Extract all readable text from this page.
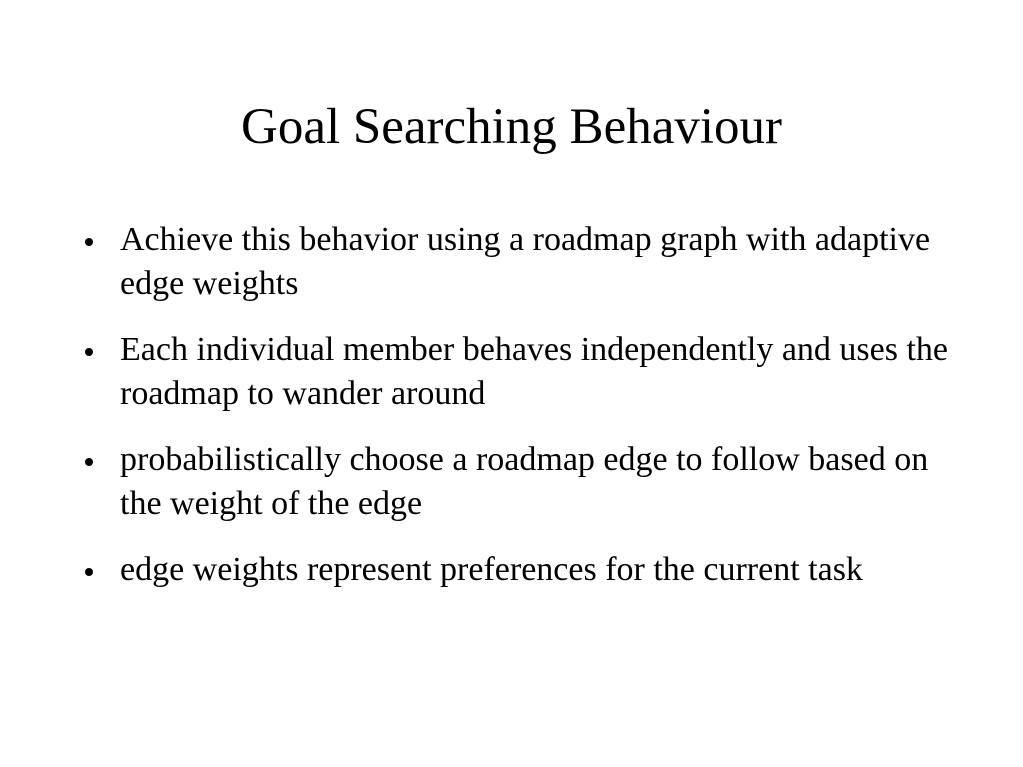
Goal Searching Behaviour
Achieve this behavior using a roadmap graph with adaptive edge weights
Each individual member behaves independently and uses the roadmap to wander around
probabilistically choose a roadmap edge to follow based on the weight of the edge
edge weights represent preferences for the current task
